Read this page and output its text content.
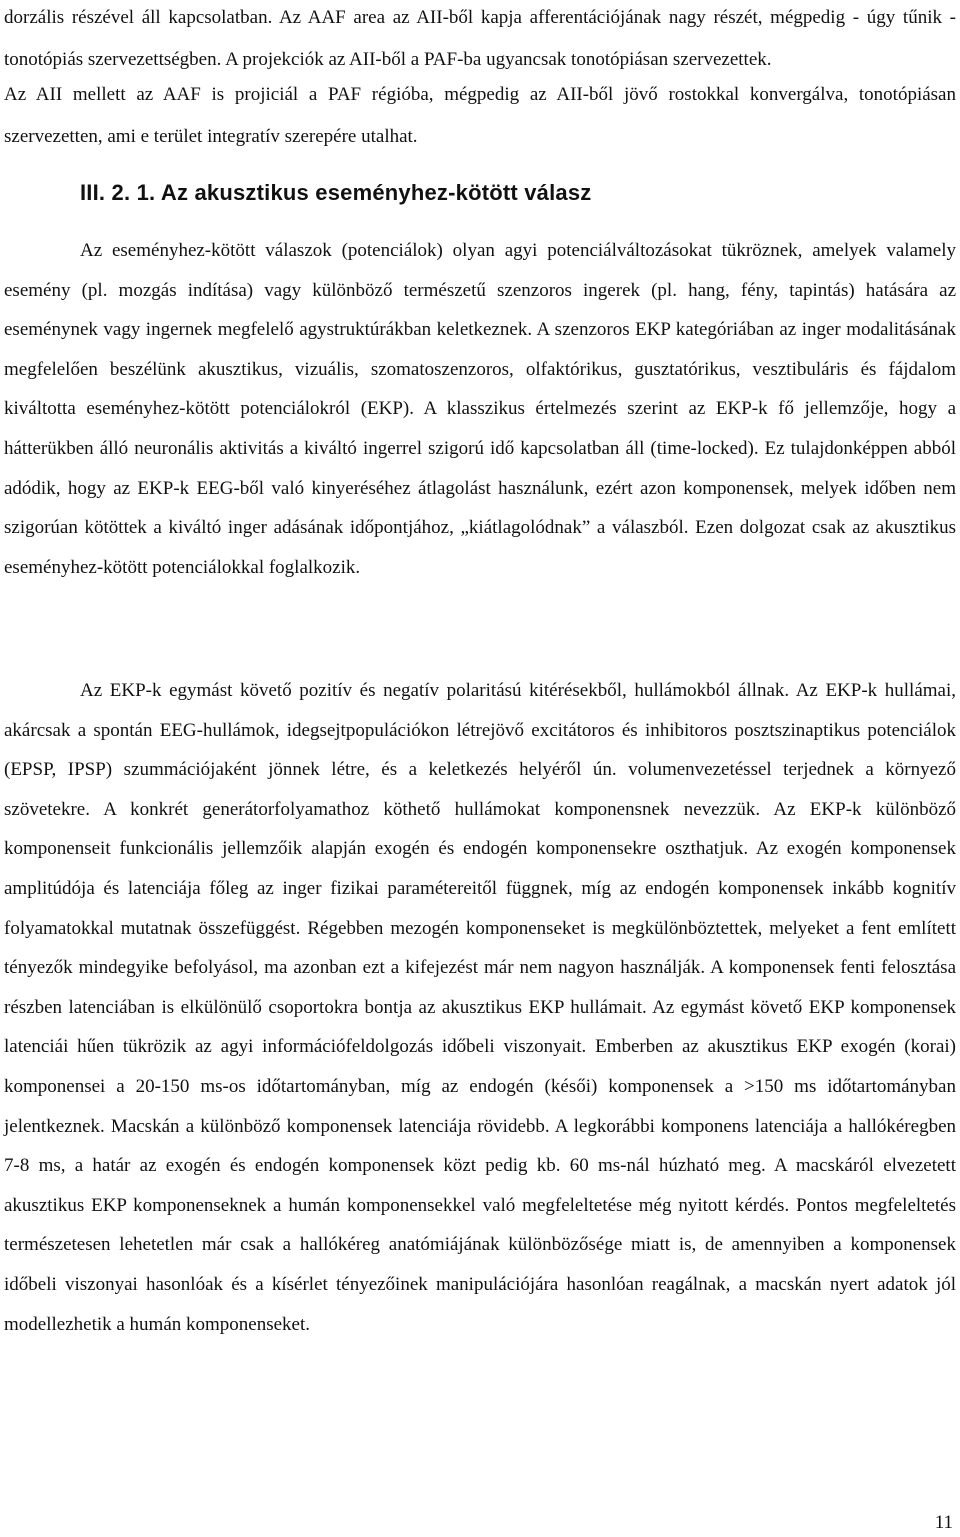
dorzális részével áll kapcsolatban. Az AAF area az AII-ből kapja afferentációjának nagy részét, mégpedig - úgy tűnik - tonotópiás szervezettségben. A projekciók az AII-ből a PAF-ba ugyancsak tonotópiásan szervezettek.

Az AII mellett az AAF is projiciál a PAF régióba, mégpedig az AII-ből jövő rostokkal konvergálva, tonotópiásan szervezetten, ami e terület integratív szerepére utalhat.

III. 2. 1. Az akusztikus eseményhez-kötött válasz

Az eseményhez-kötött válaszok (potenciálok) olyan agyi potenciálváltozásokat tükröznek, amelyek valamely esemény (pl. mozgás indítása) vagy különböző természetű szenzoros ingerek (pl. hang, fény, tapintás) hatására az eseménynek vagy ingernek megfelelő agystruktúrákban keletkeznek. A szenzoros EKP kategóriában az inger modalitásának megfelelően beszélünk akusztikus, vizuális, szomatoszenzoros, olfaktórikus, gusztatórikus, vesztibuláris és fájdalom kiváltotta eseményhez-kötött potenciálokról (EKP). A klasszikus értelmezés szerint az EKP-k fő jellemzője, hogy a hátterükben álló neuronális aktivitás a kiváltó ingerrel szigorú idő kapcsolatban áll (time-locked). Ez tulajdonképpen abból adódik, hogy az EKP-k EEG-ből való kinyeréséhez átlagolást használunk, ezért azon komponensek, melyek időben nem szigorúan kötöttek a kiváltó inger adásának időpontjához, „kiátlagolódnak” a válaszból. Ezen dolgozat csak az akusztikus eseményhez-kötött potenciálokkal foglalkozik.

Az EKP-k egymást követő pozitív és negatív polaritású kitérésekből, hullámokból állnak. Az EKP-k hullámai, akárcsak a spontán EEG-hullámok, idegsejtpopulációkon létrejövő excitátoros és inhibitoros posztszinaptikus potenciálok (EPSP, IPSP) szummációjaként jönnek létre, és a keletkezés helyéről ún. volumenvezetéssel terjednek a környező szövetekre. A konkrét generátorfolyamathoz köthető hullámokat komponensnek nevezzük. Az EKP-k különböző komponenseit funkcionális jellemzőik alapján exogén és endogén komponensekre oszthatjuk. Az exogén komponensek amplitúdója és latenciája főleg az inger fizikai paramétereitől függnek, míg az endogén komponensek inkább kognitív folyamatokkal mutatnak összefüggést. Régebben mezogén komponenseket is megkülönböztettek, melyeket a fent említett tényezők mindegyike befolyásol, ma azonban ezt a kifejezést már nem nagyon használják. A komponensek fenti felosztása részben latenciában is elkülönülő csoportokra bontja az akusztikus EKP hullámait. Az egymást követő EKP komponensek latenciái hűen tükrözik az agyi információfeldolgozás időbeli viszonyait. Emberben az akusztikus EKP exogén (korai) komponensei a 20-150 ms-os időtartományban, míg az endogén (késői) komponensek a >150 ms időtartományban jelentkeznek. Macskán a különböző komponensek latenciája rövidebb. A legkorábbi komponens latenciája a hallókéregben 7-8 ms, a határ az exogén és endogén komponensek közt pedig kb. 60 ms-nál húzható meg. A macskáról elvezetett akusztikus EKP komponenseknek a humán komponensekkel való megfeleltetése még nyitott kérdés. Pontos megfeleltetés természetesen lehetetlen már csak a hallókéreg anatómiájának különbözősége miatt is, de amennyiben a komponensek időbeli viszonyai hasonlóak és a kísérlet tényezőinek manipulációjára hasonlóan reagálnak, a macskán nyert adatok jól modellezhetik a humán komponenseket.

11
